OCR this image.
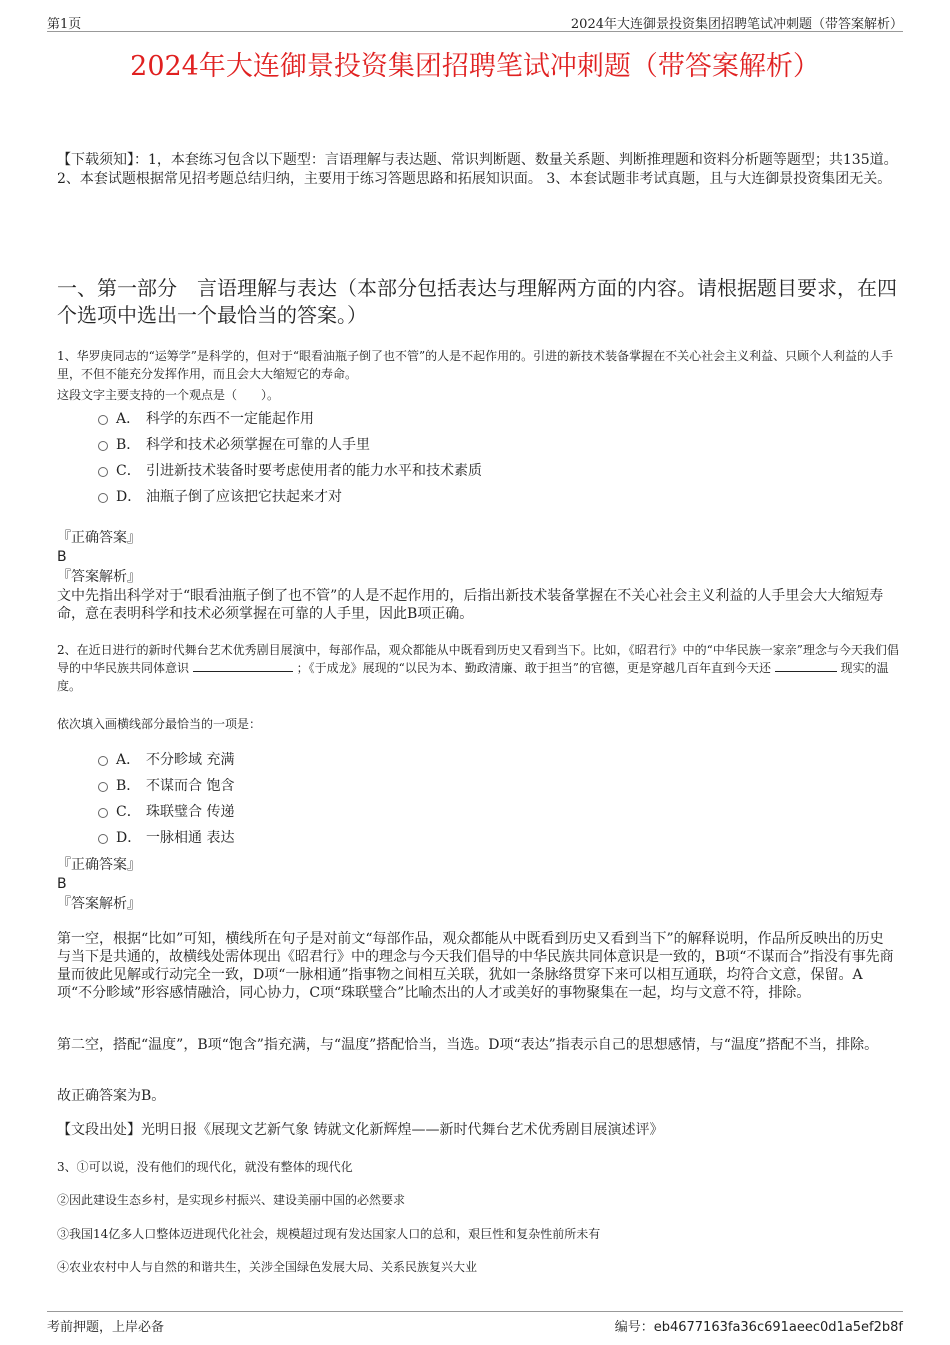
第1页	2024年大连御景投资集团招聘笔试冲刺题（带答案解析）
2024年大连御景投资集团招聘笔试冲刺题（带答案解析）
【下载须知】：1，本套练习包含以下题型：言语理解与表达题、常识判断题、数量关系题、判断推理题和资料分析题等题型；共135道。 2、本套试题根据常见招考题总结归纳，主要用于练习答题思路和拓展知识面。 3、本套试题非考试真题，且与大连御景投资集团无关。
一、第一部分　言语理解与表达（本部分包括表达与理解两方面的内容。请根据题目要求，在四个选项中选出一个最恰当的答案。）
1、华罗庚同志的“运筹学”是科学的，但对于“眼看油瓶子倒了也不管”的人是不起作用的。引进的新技术装备掌握在不关心社会主义利益、只顾个人利益的人手里，不但不能充分发挥作用，而且会大大缩短它的寿命。
这段文字主要支持的一个观点是（　　）。
A． 科学的东西不一定能起作用
B． 科学和技术必须掌握在可靠的人手里
C． 引进新技术装备时要考虑使用者的能力水平和技术素质
D． 油瓶子倒了应该把它扶起来才对
『正确答案』
B
『答案解析』
文中先指出科学对于“眼看油瓶子倒了也不管”的人是不起作用的，后指出新技术装备掌握在不关心社会主义利益的人手里会大大缩短寿命，意在表明科学和技术必须掌握在可靠的人手里，因此B项正确。
2、在近日进行的新时代舞台艺术优秀剧目展演中，每部作品，观众都能从中既看到历史又看到当下。比如，《昭君行》中的“中华民族一家亲”理念与今天我们倡导的中华民族共同体意识	；《于成龙》展现的“以民为本、勤政清廉、敢于担当”的官德，更是穿越几百年直到今天还	现实的温度。
依次填入画横线部分最恰当的一项是：
A． 不分畛域 充满
B． 不谋而合 饱含
C． 珠联璧合 传递
D． 一脉相通 表达
『正确答案』
B
『答案解析』
第一空，根据“比如”可知，横线所在句子是对前文“每部作品，观众都能从中既看到历史又看到当下”的解释说明，作品所反映出的历史与当下是共通的，故横线处需体现出《昭君行》中的理念与今天我们倡导的中华民族共同体意识是一致的，B项“不谋而合”指没有事先商量而彼此见解或行动完全一致，D项“一脉相通”指事物之间相互关联，犹如一条脉络贯穿下来可以相互通联，均符合文意，保留。A项“不分畛域”形容感情融洽，同心协力，C项“珠联璧合”比喻杰出的人才或美好的事物聚集在一起，均与文意不符，排除。
第二空，搭配“温度”，B项“饱含”指充满，与“温度”搭配恰当，当选。D项“表达”指表示自己的思想感情，与“温度”搭配不当，排除。
故正确答案为B。
【文段出处】光明日报《展现文艺新气象 铸就文化新辉煌——新时代舞台艺术优秀剧目展演述评》
3、①可以说，没有他们的现代化，就没有整体的现代化
②因此建设生态乡村，是实现乡村振兴、建设美丽中国的必然要求
③我国14亿多人口整体迈进现代化社会，规模超过现有发达国家人口的总和，艰巨性和复杂性前所未有
④农业农村中人与自然的和谐共生，关涉全国绿色发展大局、关系民族复兴大业
考前押题，上岸必备	编号：eb4677163fa36c691aeec0d1a5ef2b8f
